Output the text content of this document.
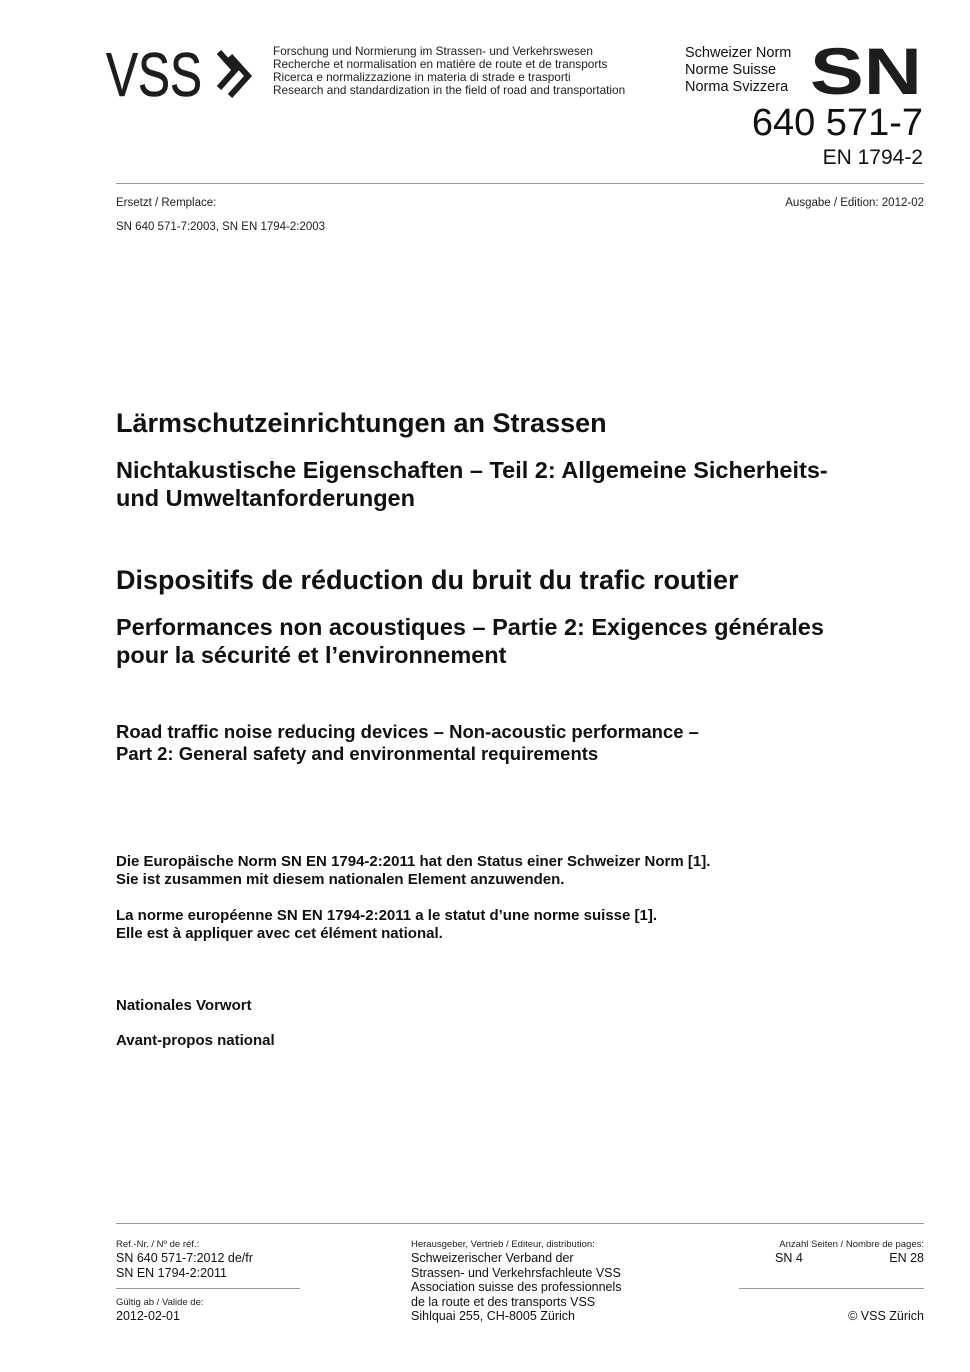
VSS	Forschung und Normierung im Strassen- und Verkehrswesen
Recherche et normalisation en matière de route et de transports
Ricerca e normalizzazione in materia di strade e trasporti
Research and standardization in the field of road and transportation
Schweizer Norm
Norme Suisse
Norma Svizzera SN
640 571-7
EN 1794-2
Ersetzt / Remplace:	Ausgabe / Edition: 2012-02
SN 640 571-7:2003, SN EN 1794-2:2003
Lärmschutzeinrichtungen an Strassen
Nichtakustische Eigenschaften – Teil 2: Allgemeine Sicherheits-
und Umweltanforderungen
Dispositifs de réduction du bruit du trafic routier
Performances non acoustiques – Partie 2: Exigences générales
pour la sécurité et l’environnement
Road traffic noise reducing devices – Non-acoustic performance –
Part 2: General safety and environmental requirements
Die Europäische Norm SN EN 1794-2:2011 hat den Status einer Schweizer Norm [1].
Sie ist zusammen mit diesem nationalen Element anzuwenden.
La norme européenne SN EN 1794-2:2011 a le statut d’une norme suisse [1].
Elle est à appliquer avec cet élément national.
Nationales Vorwort
Avant-propos national
Ref.-Nr. / Nº de réf.:
SN 640 571-7:2012 de/fr
SN EN 1794-2:2011
Gültig ab / Valide de:
2012-02-01
Herausgeber, Vertrieb / Editeur, distribution:
Schweizerischer Verband der
Strassen- und Verkehrsfachleute VSS
Association suisse des professionnels
de la route et des transports VSS
Sihlquai 255, CH-8005 Zürich
Anzahl Seiten / Nombre de pages:
SN 4	EN 28
© VSS Zürich
